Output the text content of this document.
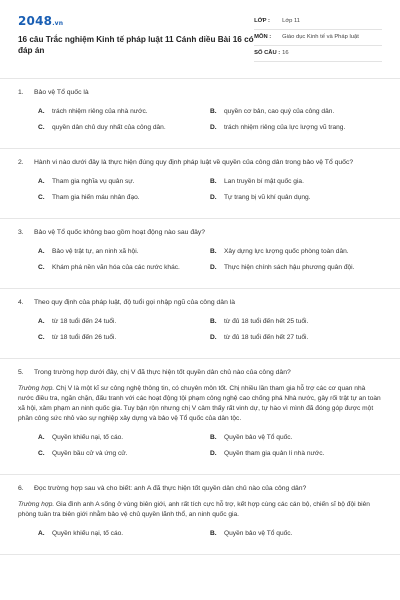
2048.vn
16 câu Trắc nghiệm Kinh tế pháp luật 11 Cánh diều Bài 16 có đáp án
LỚP :	Lớp 11
MÔN :	Giáo dục Kinh tế và Pháp luật
SỐ CÂU : 16
1.	Bảo vệ Tổ quốc là
A.	trách nhiệm riêng của nhà nước.	B.	quyền cơ bản, cao quý của công dân.
C.	quyền dân chủ duy nhất của công dân.	D.	trách nhiệm riêng của lực lượng vũ trang.
2.	Hành vi nào dưới đây là thực hiện đúng quy định pháp luật về quyền của công dân trong bảo vệ Tổ quốc?
A.	Tham gia nghĩa vụ quân sự.	B.	Lan truyền bí mật quốc gia.
C.	Tham gia hiến máu nhân đạo.	D.	Tự trang bị vũ khí quân dụng.
3.	Bảo vệ Tổ quốc không bao gồm hoạt động nào sau đây?
A.	Bảo vệ trật tự, an ninh xã hội.	B.	Xây dựng lực lượng quốc phòng toàn dân.
C.	Khám phá nền văn hóa của các nước khác.	D.	Thực hiện chính sách hậu phương quân đội.
4.	Theo quy định của pháp luật, độ tuổi gọi nhập ngũ của công dân là
A.	từ 18 tuổi đến 24 tuổi.	B.	từ đủ 18 tuổi đến hết 25 tuổi.
C.	từ 18 tuổi đến 26 tuổi.	D.	từ đủ 18 tuổi đến hết 27 tuổi.
5.	Trong trường hợp dưới đây, chị V đã thực hiện tốt quyền dân chủ nào của công dân?
Trường hợp. Chị V là một kĩ sư công nghệ thông tin, có chuyên môn tốt. Chị nhiều lần tham gia hỗ trợ các cơ quan nhà nước điều tra, ngăn chặn, đấu tranh với các hoạt động tội phạm công nghệ cao chống phá Nhà nước, gây rối trật tự an toàn xã hội, xâm phạm an ninh quốc gia. Tuy bận rộn nhưng chị V cảm thấy rất vinh dự, tự hào vì mình đã đóng góp được một phần công sức nhỏ vào sự nghiệp xây dựng và bảo vệ Tổ quốc của dân tộc.
A.	Quyền khiếu nại, tố cáo.	B.	Quyền bảo vệ Tổ quốc.
C.	Quyền bầu cử và ứng cử.	D.	Quyền tham gia quản lí nhà nước.
6.	Đọc trường hợp sau và cho biết: anh A đã thực hiện tốt quyền dân chủ nào của công dân?
Trường hợp. Gia đình anh A sống ở vùng biên giới, anh rất tích cực hỗ trợ, kết hợp cùng các cán bộ, chiến sĩ bộ đội biên phòng tuần tra biên giới nhằm bảo vệ chủ quyền lãnh thổ, an ninh quốc gia.
A.	Quyền khiếu nại, tố cáo.	B.	Quyền bảo vệ Tổ quốc.
